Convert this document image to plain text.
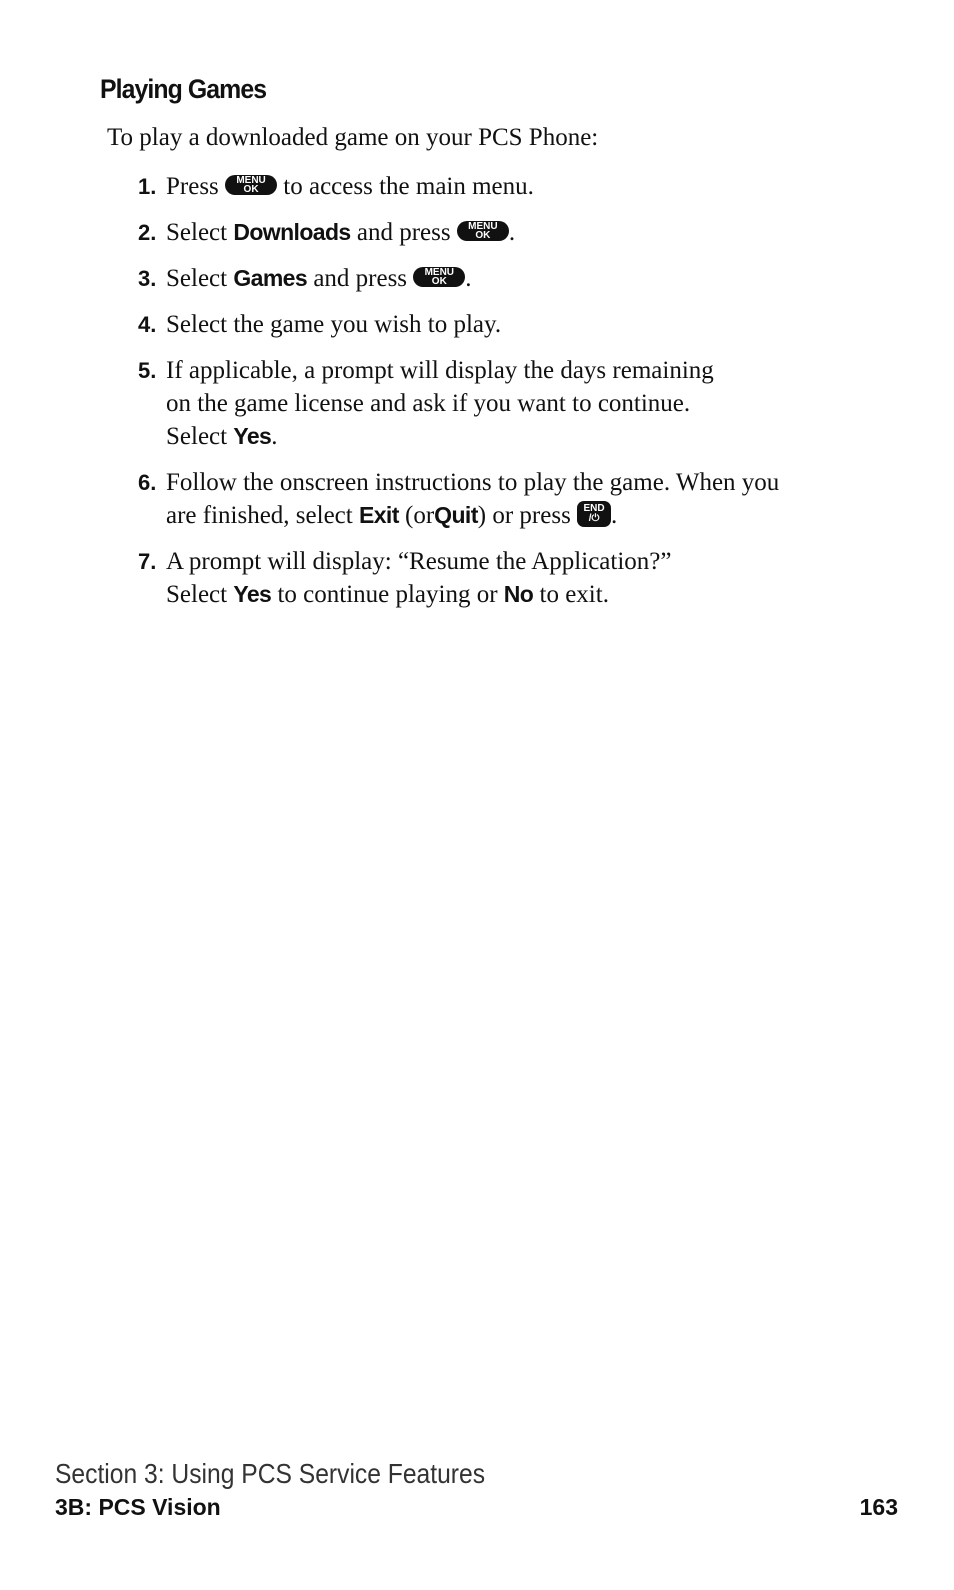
Playing Games

To play a downloaded game on your PCS Phone:

1. Press	MENU
OK to access the main menu.
2. Select Downloads and press	MENU
OK .
3. Select Games and press	MENU
OK .
4. Select the game you wish to play.
5. If applicable, a prompt will display the days remaining
on the game license and ask if you want to continue.
Select Yes.
6. Follow the onscreen instructions to play the game. When you
are finished, select Exit (orQuit) or press	END
/⏻ .
7. A prompt will display: “Resume the Application?”
Select Yes to continue playing or No to exit.

Section 3: Using PCS Service Features

3B: PCS Vision	163
